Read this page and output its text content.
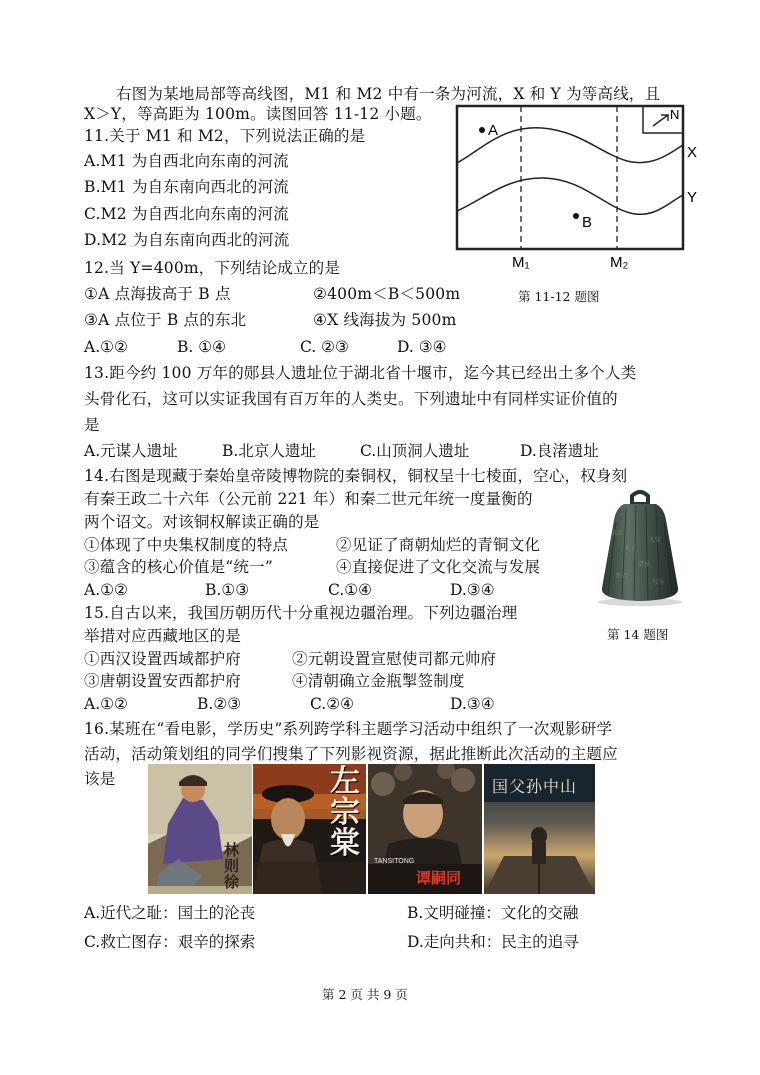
右图为某地局部等高线图，M1 和 M2 中有一条为河流，X 和 Y 为等高线，且
X＞Y，等高距为 100m。读图回答 11-12 小题。
11.关于 M1 和 M2，下列说法正确的是
A.M1 为自西北向东南的河流
B.M1 为自东南向西北的河流
C.M2 为自西北向东南的河流
D.M2 为自东南向西北的河流
N
A
B
X
Y
M₁	M₂
12.当 Y=400m，下列结论成立的是
①A 点海拔高于 B 点	②400m＜B＜500m	第 11-12 题图
③A 点位于 B 点的东北	④X 线海拔为 500m
A.①②	B. ①④	C. ②③	D. ③④
13.距今约 100 万年的郧县人遗址位于湖北省十堰市，迄今其已经出土多个人类
头骨化石，这可以实证我国有百万年的人类史。下列遗址中有同样实证价值的
是
A.元谋人遗址	B.北京人遗址	C.山顶洞人遗址	D.良渚遗址
14.右图是现藏于秦始皇帝陵博物院的秦铜权，铜权呈十七棱面，空心，权身刻
有秦王政二十六年（公元前 221 年）和秦二世元年统一度量衡的
两个诏文。对该铜权解读正确的是
①体现了中央集权制度的特点	②见证了商朝灿烂的青铜文化
③蕴含的核心价值是“统一”	④直接促进了文化交流与发展
A.①②	B.①③	C.①④	D.③④
皇帝
天下
诸侯
黔首
大安
号为
第 14 题图
15.自古以来，我国历朝历代十分重视边疆治理。下列边疆治理
举措对应西藏地区的是
①西汉设置西域都护府	②元朝设置宣慰使司都元帅府
③唐朝设置安西都护府	④清朝确立金瓶掣签制度
A.①②	B.②③	C.②④	D.③④
16.某班在“看电影，学历史”系列跨学科主题学习活动中组织了一次观影研学
活动，活动策划组的同学们搜集了下列影视资源，据此推断此次活动的主题应
该是
林则徐
左宗棠
TANSITONG
谭嗣同
国父孙中山
A.近代之耻：国土的沦丧	B.文明碰撞：文化的交融
C.救亡图存：艰辛的探索	D.走向共和：民主的追寻
第 2 页 共 9 页
